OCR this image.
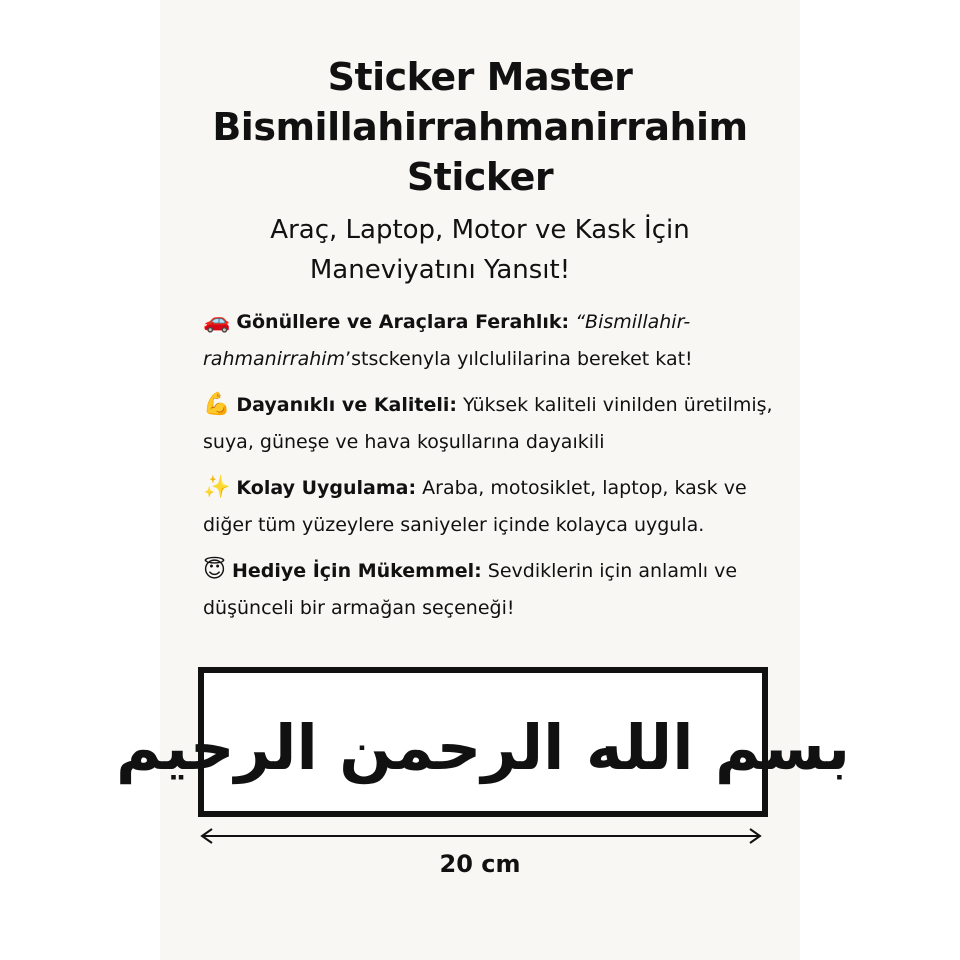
Sticker Master
Bismillahirrahmanirrahim
Sticker
Araç, Laptop, Motor ve Kask İçin
Maneviyatını Yansıt!
🚗 Gönüllere ve Araçlara Ferahlık: “Bismillahir-rahmanirrahim’stsckenyla yılclulilarina bereket kat!
💪 Dayanıklı ve Kaliteli: Yüksek kaliteli vinilden üretilmiş, suya, güneşe ve hava koşullarına dayaıkili
✨ Kolay Uygulama: Araba, motosiklet, laptop, kask ve diğer tüm yüzeylere saniyeler içinde kolayca uygula.
😇 Hediye İçin Mükemmel: Sevdiklerin için anlamlı ve düşünceli bir armağan seçeneği!
بسم الله الرحمن الرحيم
20 cm
